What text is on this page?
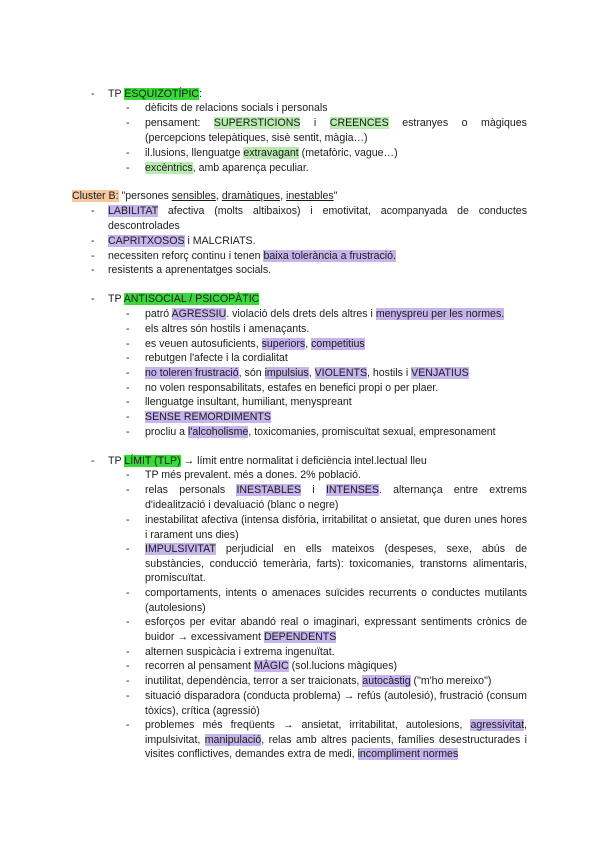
-	TP ESQUIZOTÍPIC:
-	dèficits de relacions socials i personals
-	pensament: SUPERSTICIONS i CREENCES estranyes o màgiques (percepcions telepàtiques, sisè sentit, màgia…)
-	il.lusions, llenguatge extravagant (metafòric, vague…)
-	excèntrics, amb aparença peculiar.
Cluster B: "persones sensibles, dramàtiques, inestables"
-	LABILITAT afectiva (molts altibaixos) i emotivitat, acompanyada de conductes descontrolades
-	CAPRITXOSOS i MALCRIATS.
-	necessiten reforç continu i tenen baixa tolerància a frustració.
-	resistents a aprenentatges socials.
-	TP ANTISOCIAL / PSICOPÀTIC
-	patró AGRESSIU. violació dels drets dels altres i menyspreu per les normes.
-	els altres són hostils i amenaçants.
-	es veuen autosuficients, superiors, competitius
-	rebutgen l'afecte i la cordialitat
-	no toleren frustració, són impulsius, VIOLENTS, hostils i VENJATIUS
-	no volen responsabilitats, estafes en benefici propi o per plaer.
-	llenguatge insultant, humiliant, menyspreant
-	SENSE REMORDIMENTS
-	procliu a l'alcoholisme, toxicomanies, promiscuïtat sexual, empresonament
-	TP LÍMIT (TLP) → límit entre normalitat i deficiència intel.lectual lleu
-	TP més prevalent. més a dones. 2% població.
-	relas personals INESTABLES i INTENSES. alternança entre extrems d'idealització i devaluació (blanc o negre)
-	inestabilitat afectiva (intensa disfòria, irritabilitat o ansietat, que duren unes hores i rarament uns dies)
-	IMPULSIVITAT perjudicial en ells mateixos (despeses, sexe, abús de substàncies, conducció temerària, farts): toxicomanies, transtorns alimentaris, promiscuïtat.
-	comportaments, intents o amenaces suïcides recurrents o conductes mutilants (autolesions)
-	esforços per evitar abandó real o imaginari, expressant sentiments crònics de buidor → excessivament DEPENDENTS
-	alternen suspicàcia i extrema ingenuïtat.
-	recorren al pensament MÀGIC (sol.lucions màgiques)
-	inutilitat, dependència, terror a ser traicionats, autocàstig ("m'ho mereixo")
-	situació disparadora (conducta problema) → refús (autolesió), frustració (consum tòxics), crítica (agressió)
-	problemes més freqüents → ansietat, irritabilitat, autolesions, agressivitat, impulsivitat, manipulació, relas amb altres pacients, famílies desestructurades i visites conflictives, demandes extra de medi, incompliment normes
